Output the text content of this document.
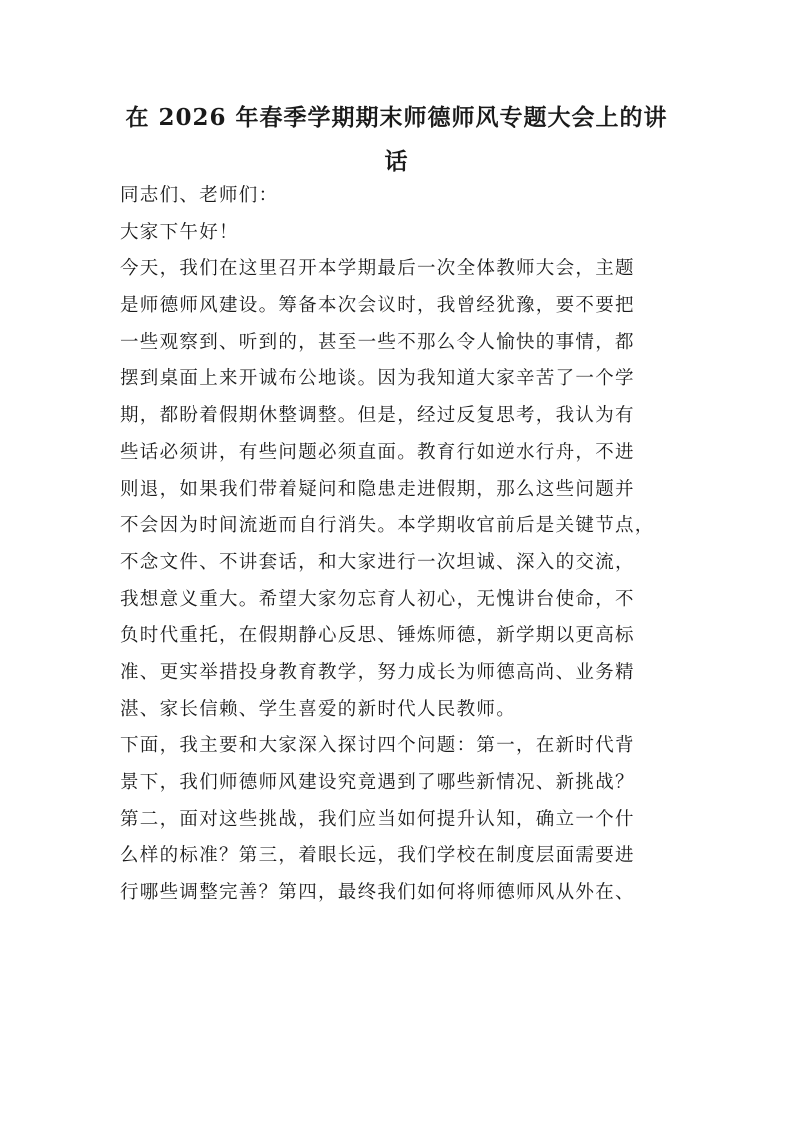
在 2026 年春季学期期末师德师风专题大会上的讲话
同志们、老师们：
大家下午好！
今天，我们在这里召开本学期最后一次全体教师大会，主题
是师德师风建设。筹备本次会议时，我曾经犹豫，要不要把
一些观察到、听到的，甚至一些不那么令人愉快的事情，都
摆到桌面上来开诚布公地谈。因为我知道大家辛苦了一个学
期，都盼着假期休整调整。但是，经过反复思考，我认为有
些话必须讲，有些问题必须直面。教育行如逆水行舟，不进
则退，如果我们带着疑问和隐患走进假期，那么这些问题并
不会因为时间流逝而自行消失。本学期收官前后是关键节点，
不念文件、不讲套话，和大家进行一次坦诚、深入的交流，
我想意义重大。希望大家勿忘育人初心，无愧讲台使命，不
负时代重托，在假期静心反思、锤炼师德，新学期以更高标
准、更实举措投身教育教学，努力成长为师德高尚、业务精
湛、家长信赖、学生喜爱的新时代人民教师。
下面，我主要和大家深入探讨四个问题：第一，在新时代背
景下，我们师德师风建设究竟遇到了哪些新情况、新挑战？
第二，面对这些挑战，我们应当如何提升认知，确立一个什
么样的标准？第三，着眼长远，我们学校在制度层面需要进
行哪些调整完善？第四，最终我们如何将师德师风从外在、
